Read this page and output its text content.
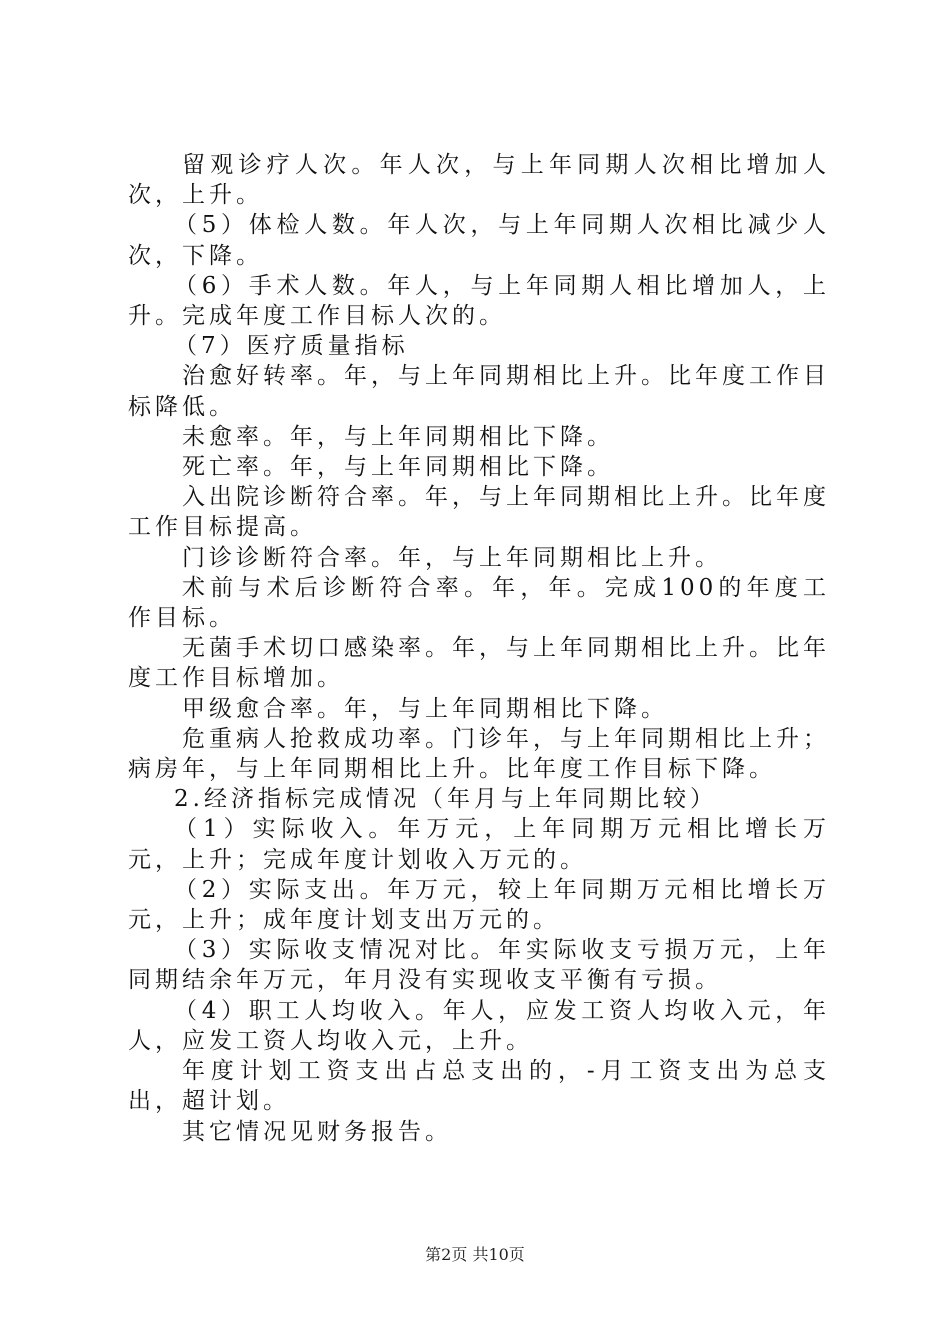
留观诊疗人次。年人次，与上年同期人次相比增加人次，上升。

（5）体检人数。年人次，与上年同期人次相比减少人次，下降。

（6）手术人数。年人，与上年同期人相比增加人，上升。完成年度工作目标人次的。

（7）医疗质量指标

治愈好转率。年，与上年同期相比上升。比年度工作目标降低。

未愈率。年，与上年同期相比下降。

死亡率。年，与上年同期相比下降。

入出院诊断符合率。年，与上年同期相比上升。比年度工作目标提高。

门诊诊断符合率。年，与上年同期相比上升。

术前与术后诊断符合率。年，年。完成100的年度工作目标。

无菌手术切口感染率。年，与上年同期相比上升。比年度工作目标增加。

甲级愈合率。年，与上年同期相比下降。

危重病人抢救成功率。门诊年，与上年同期相比上升；病房年，与上年同期相比上升。比年度工作目标下降。

2.经济指标完成情况（年月与上年同期比较）

（1）实际收入。年万元，上年同期万元相比增长万元，上升；完成年度计划收入万元的。

（2）实际支出。年万元，较上年同期万元相比增长万元，上升；成年度计划支出万元的。

（3）实际收支情况对比。年实际收支亏损万元，上年同期结余年万元，年月没有实现收支平衡有亏损。

（4）职工人均收入。年人，应发工资人均收入元，年人，应发工资人均收入元，上升。

年度计划工资支出占总支出的，-月工资支出为总支出，超计划。

其它情况见财务报告。

第2页 共10页
